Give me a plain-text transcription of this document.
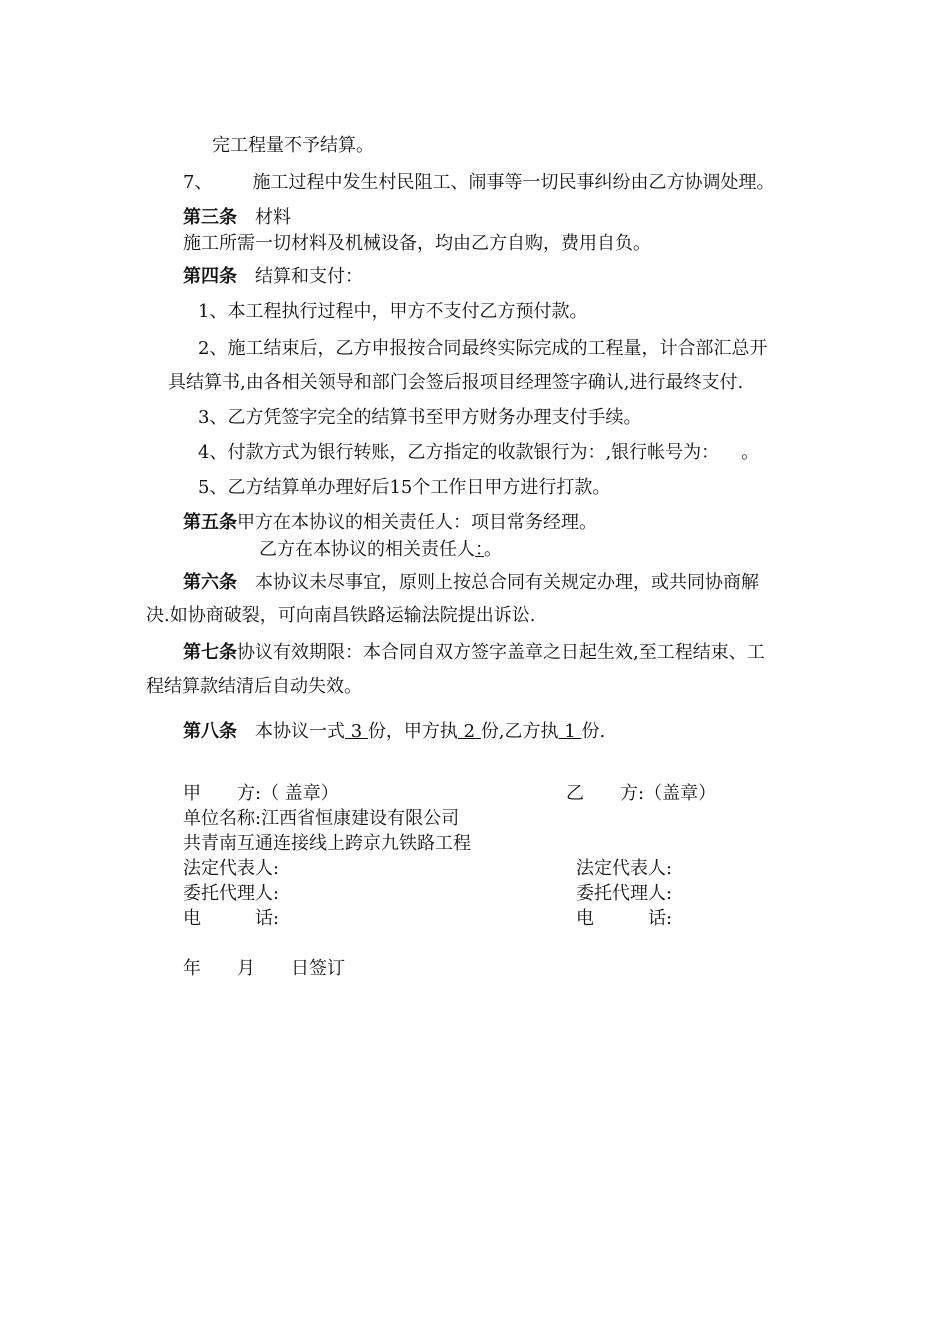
完工程量不予结算。
7、 施工过程中发生村民阻工、闹事等一切民事纠纷由乙方协调处理。
第三条 材料
施工所需一切材料及机械设备，均由乙方自购，费用自负。
第四条 结算和支付：
1、本工程执行过程中，甲方不支付乙方预付款。
2、施工结束后，乙方申报按合同最终实际完成的工程量，计合部汇总开
具结算书,由各相关领导和部门会签后报项目经理签字确认,进行最终支付.
3、乙方凭签字完全的结算书至甲方财务办理支付手续。
4、付款方式为银行转账，乙方指定的收款银行为：,银行帐号为： 。
5、乙方结算单办理好后15个工作日甲方进行打款。
第五条甲方在本协议的相关责任人：项目常务经理。
乙方在本协议的相关责任人：。
第六条 本协议未尽事宜，原则上按总合同有关规定办理，或共同协商解
决.如协商破裂，可向南昌铁路运输法院提出诉讼.
第七条协议有效期限：本合同自双方签字盖章之日起生效,至工程结束、工
程结算款结清后自动失效。
第八条 本协议一式 3 份，甲方执 2 份,乙方执 1 份.
甲　　方:（ 盖章）	乙　　方:（盖章）
单位名称:江西省恒康建设有限公司
共青南互通连接线上跨京九铁路工程
法定代表人:	法定代表人:
委托代理人:	委托代理人:
电　　　话:	电　　　话:
年　　月　　日签订
